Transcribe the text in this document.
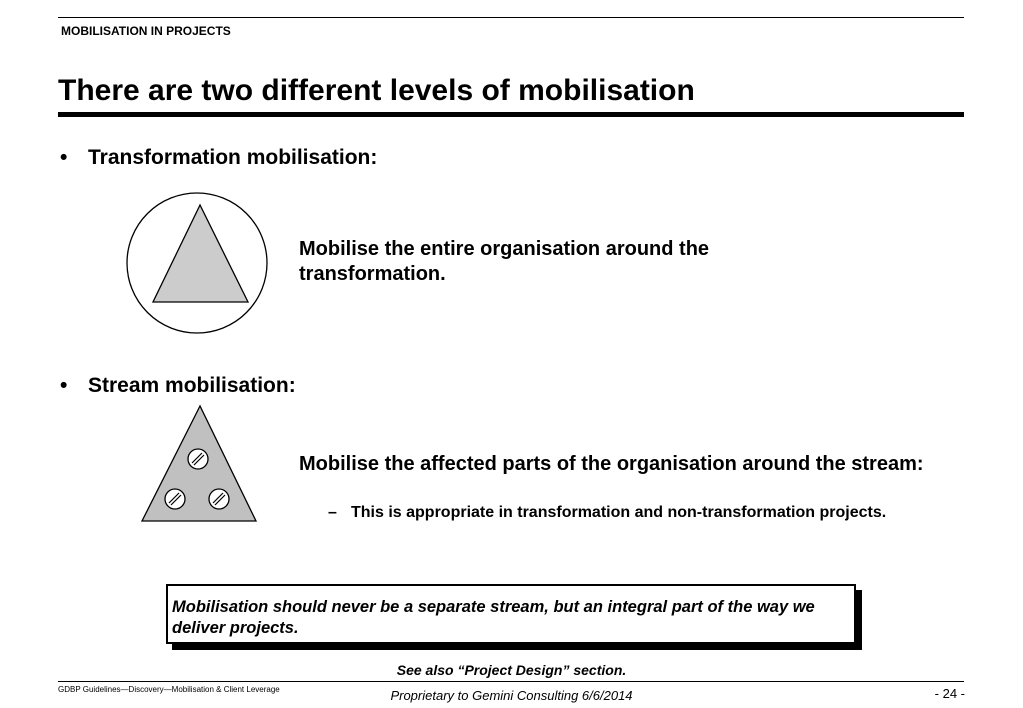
MOBILISATION IN PROJECTS
There are two different levels of mobilisation
• Transformation mobilisation:
Mobilise the entire organisation around the transformation.
• Stream mobilisation:
Mobilise the affected parts of the organisation around the stream:
– This is appropriate in transformation and non-transformation projects.
Mobilisation should never be a separate stream, but an integral part of the way we deliver projects.
See also “Project Design” section.
GDBP Guidelines—Discovery—Mobilisation & Client Leverage	Proprietary to Gemini Consulting 6/6/2014	- 24 -
